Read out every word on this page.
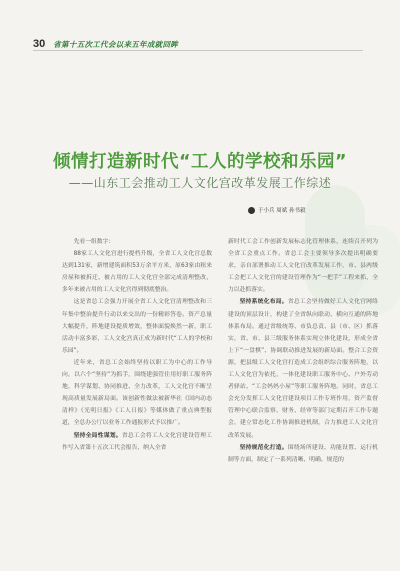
30 省第十五次工代会以来五年成就回眸
倾情打造新时代“工人的学校和乐园”
——山东工会推动工人文化宫改革发展工作综述
于小兵 周斌 孙书毅

先看一组数字：

88家工人文化宫进行提档升级，全省工人文化宫总数达到131家，新增建筑面积53万余平方米，原63家由租来房屋和被拆迁、被占用的工人文化宫全部完成清理整改，多年来被占用的工人文化宫得到彻底整治。

这是省总工会强力开展全省工人文化宫清理整改和三年集中整治提升行动以来交出的一份精彩答卷。资产总量大幅提升，阵地建设提质增效，整体面貌焕然一新，职工活动丰富多彩，工人文化宫真正成为新时代“工人的学校和乐园”。

近年来，省总工会始终坚持以职工为中心的工作导向，以六个“坚持”为抓手，围绕建强管住用好职工服务阵地，科学谋划、协同推进、全力改革，工人文化宫不断呈现高质量发展新局面。该创新性做法被新华社《国内动态清样》《光明日报》《工人日报》等媒体做了重点典型报道，全总办公厅以业务工作通报形式予以推广。

坚持全局性谋划。省总工会将工人文化宫建设管理工作写入省第十五次工代会报告，纳入全省

新时代工会工作创新发展标志化管理体系，连续召开列为全省工会重点工作。省总工会主要领导多次提出明确要求，亲自部署推动工人文化宫改革发展工作，市、县两级工会把工人文化宫的建设管理作为“一把手”工程来抓，全力以赴抓落实。

坚持系统化布局。省总工会坚持做好工人文化宫网络建设的顶层设计，构建了全省纵向联动、横向互通的阵地体系布局。通过省级统筹、市负总责、县（市、区）抓落实，省、市、县三级服务体系实现立体化建设，形成全省上下“一盘棋”、协调联动推进发展的新局面。整合工会资源，把县级工人文化宫打造成工会组织综合服务阵地，以工人文化宫为依托，一体化建设职工服务中心、户外劳动者驿站、“工会妈妈小屋”等职工服务阵地。同时，省总工会充分发挥工人文化宫建设项目工作专班作用，资产监督管理中心联合监察、财务、经审等部门定期召开工作专题会，建立常态化工作协调推进机制，合力推进工人文化宫改革发展。

坚持规范化打造。围绕场所建设、功能设置、运行机制等方面，制定了一系列清晰、明确、规范的
